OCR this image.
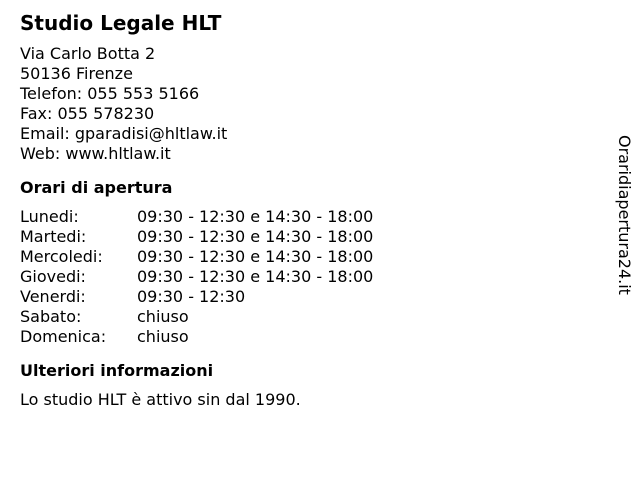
Studio Legale HLT
Via Carlo Botta 2
50136 Firenze
Telefon: 055 553 5166
Fax: 055 578230
Email: gparadisi@hltlaw.it
Web: www.hltlaw.it
Orari di apertura
Lunedi:	09:30 - 12:30 e 14:30 - 18:00
Martedi:	09:30 - 12:30 e 14:30 - 18:00
Mercoledi:	09:30 - 12:30 e 14:30 - 18:00
Giovedi:	09:30 - 12:30 e 14:30 - 18:00
Venerdi:	09:30 - 12:30
Sabato:	chiuso
Domenica:	chiuso
Ulteriori informazioni
Lo studio HLT è attivo sin dal 1990.
Oraridiapertura24.it
